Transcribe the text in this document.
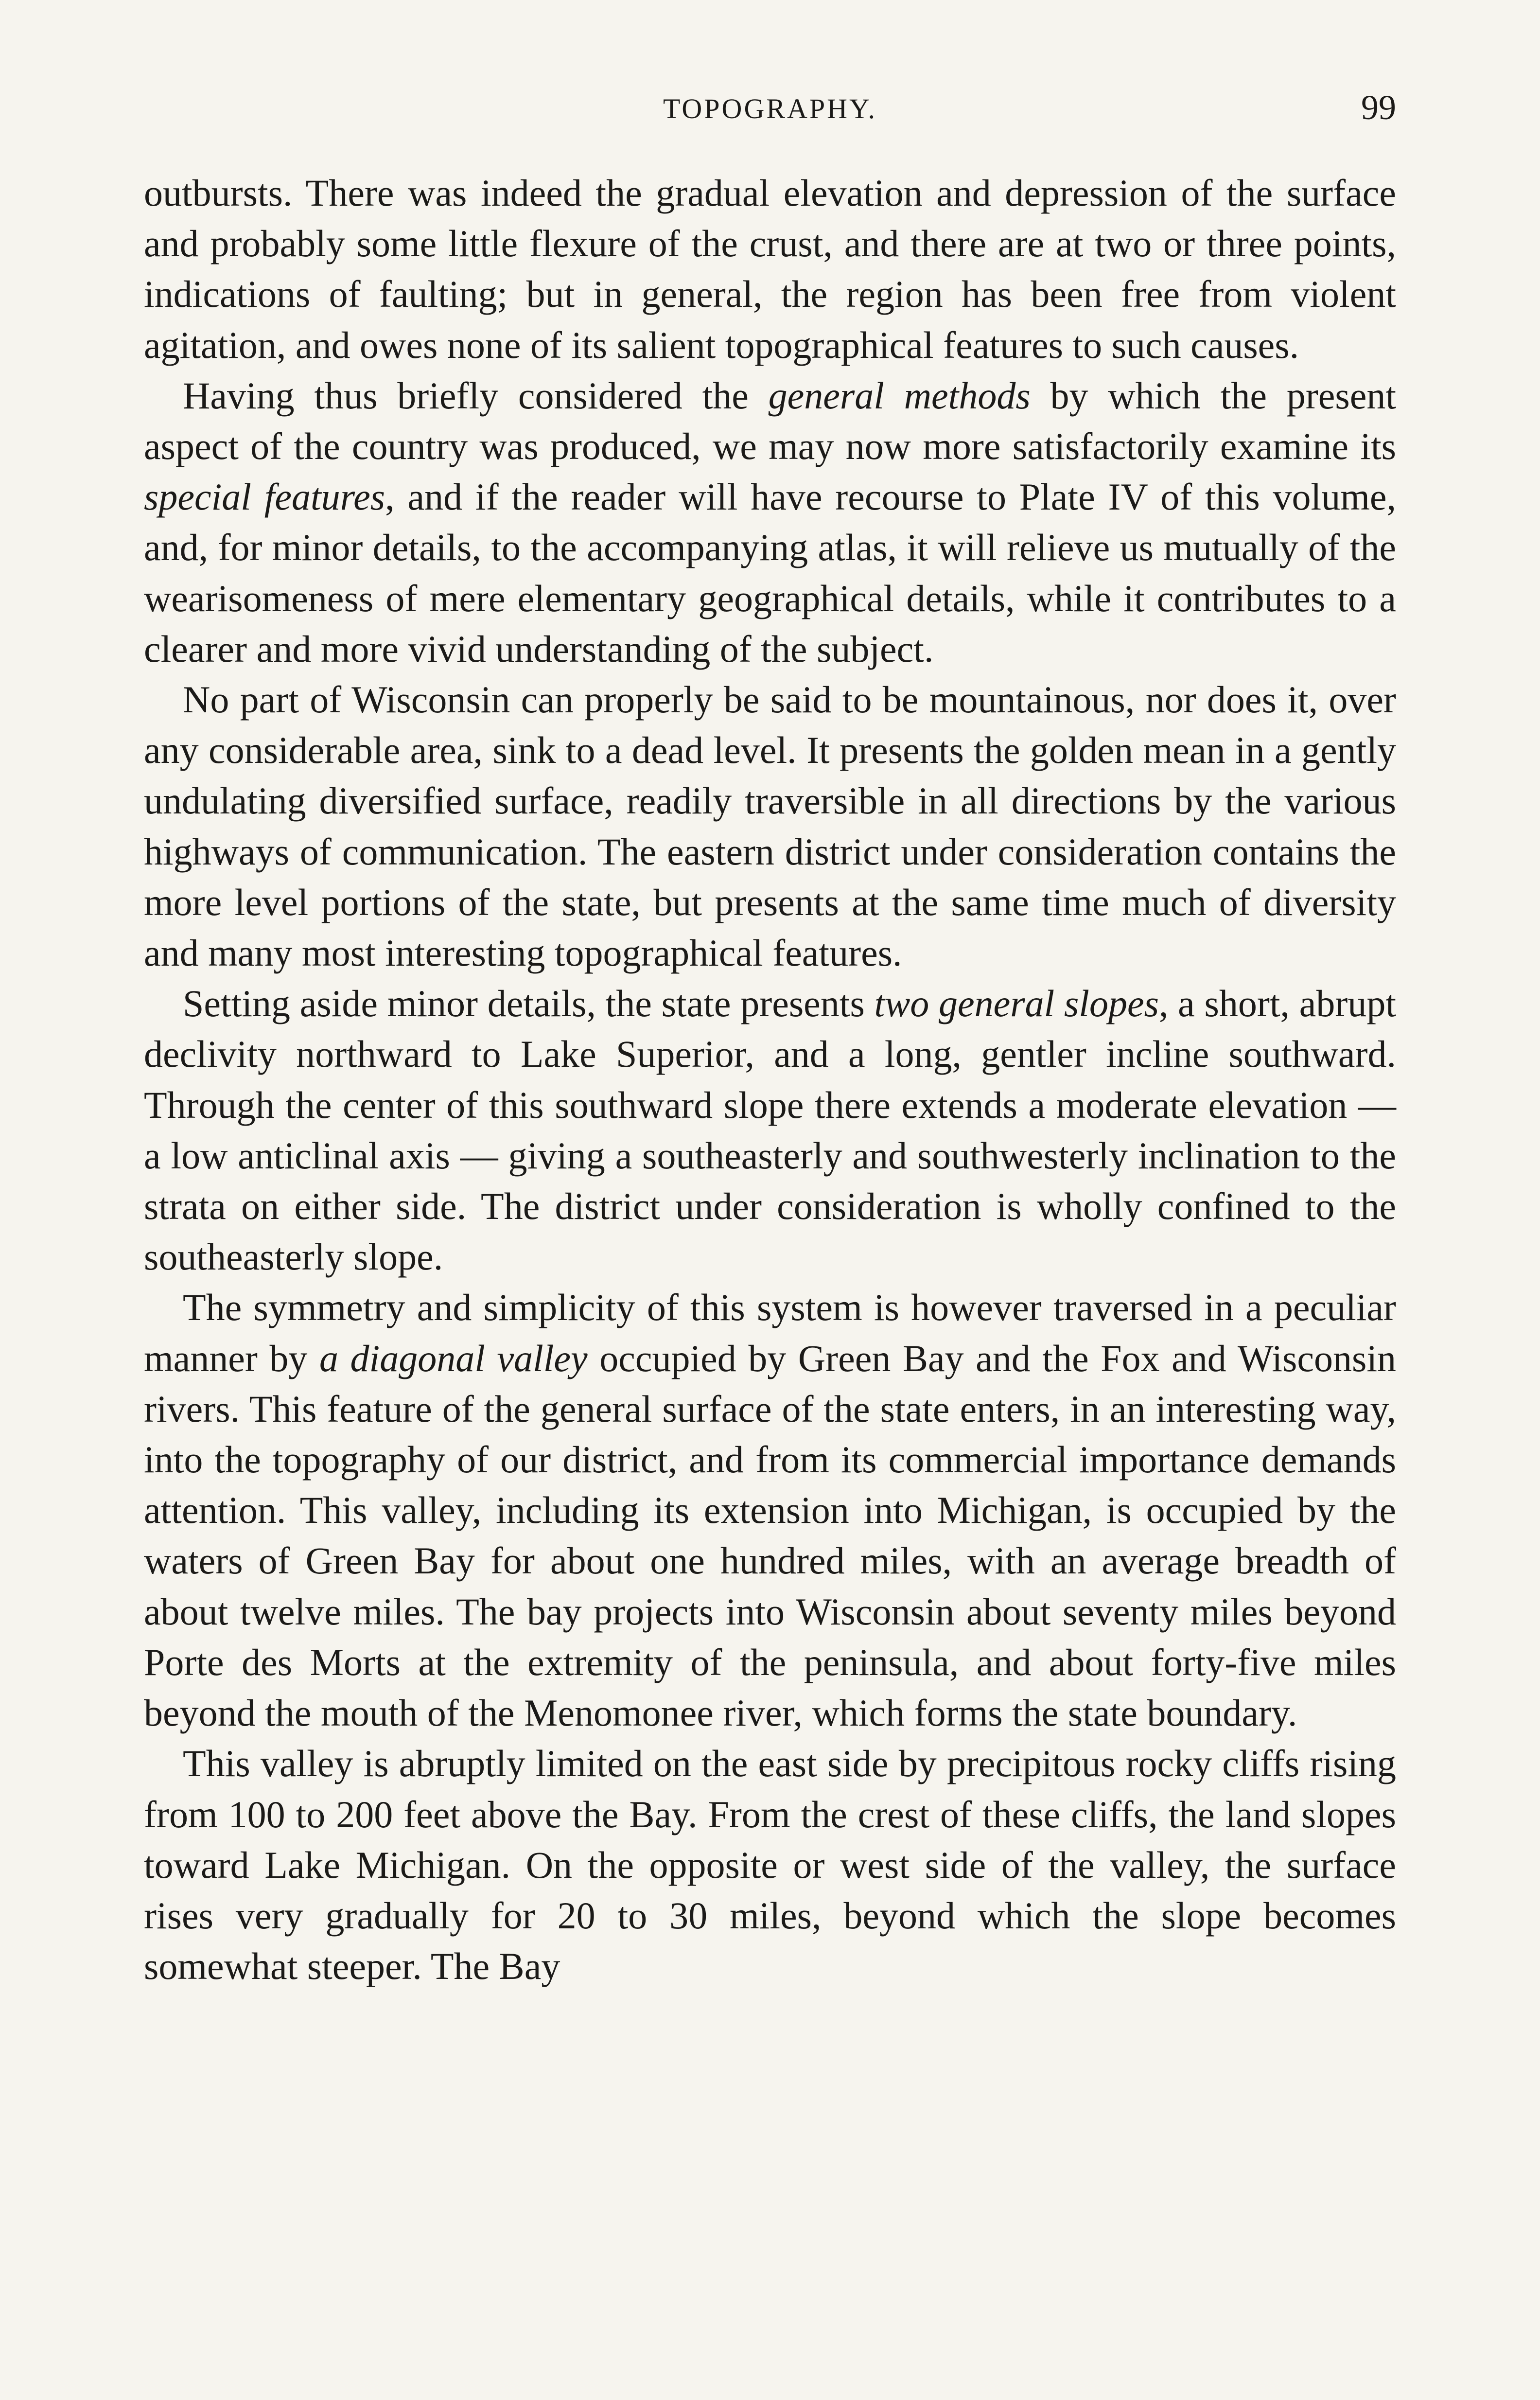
TOPOGRAPHY.	99

outbursts. There was indeed the gradual elevation and depression of the surface and probably some little flexure of the crust, and there are at two or three points, indications of faulting; but in general, the region has been free from violent agitation, and owes none of its salient topographical features to such causes.

Having thus briefly considered the general methods by which the present aspect of the country was produced, we may now more satisfactorily examine its special features, and if the reader will have recourse to Plate IV of this volume, and, for minor details, to the accompanying atlas, it will relieve us mutually of the wearisomeness of mere elementary geographical details, while it contributes to a clearer and more vivid understanding of the subject.

No part of Wisconsin can properly be said to be mountainous, nor does it, over any considerable area, sink to a dead level. It presents the golden mean in a gently undulating diversified surface, readily traversible in all directions by the various highways of communication. The eastern district under consideration contains the more level portions of the state, but presents at the same time much of diversity and many most interesting topographical features.

Setting aside minor details, the state presents two general slopes, a short, abrupt declivity northward to Lake Superior, and a long, gentler incline southward. Through the center of this southward slope there extends a moderate elevation — a low anticlinal axis — giving a southeasterly and southwesterly inclination to the strata on either side. The district under consideration is wholly confined to the southeasterly slope.

The symmetry and simplicity of this system is however traversed in a peculiar manner by a diagonal valley occupied by Green Bay and the Fox and Wisconsin rivers. This feature of the general surface of the state enters, in an interesting way, into the topography of our district, and from its commercial importance demands attention. This valley, including its extension into Michigan, is occupied by the waters of Green Bay for about one hundred miles, with an average breadth of about twelve miles. The bay projects into Wisconsin about seventy miles beyond Porte des Morts at the extremity of the peninsula, and about forty-five miles beyond the mouth of the Menomonee river, which forms the state boundary.

This valley is abruptly limited on the east side by precipitous rocky cliffs rising from 100 to 200 feet above the Bay. From the crest of these cliffs, the land slopes toward Lake Michigan. On the opposite or west side of the valley, the surface rises very gradually for 20 to 30 miles, beyond which the slope becomes somewhat steeper. The Bay
